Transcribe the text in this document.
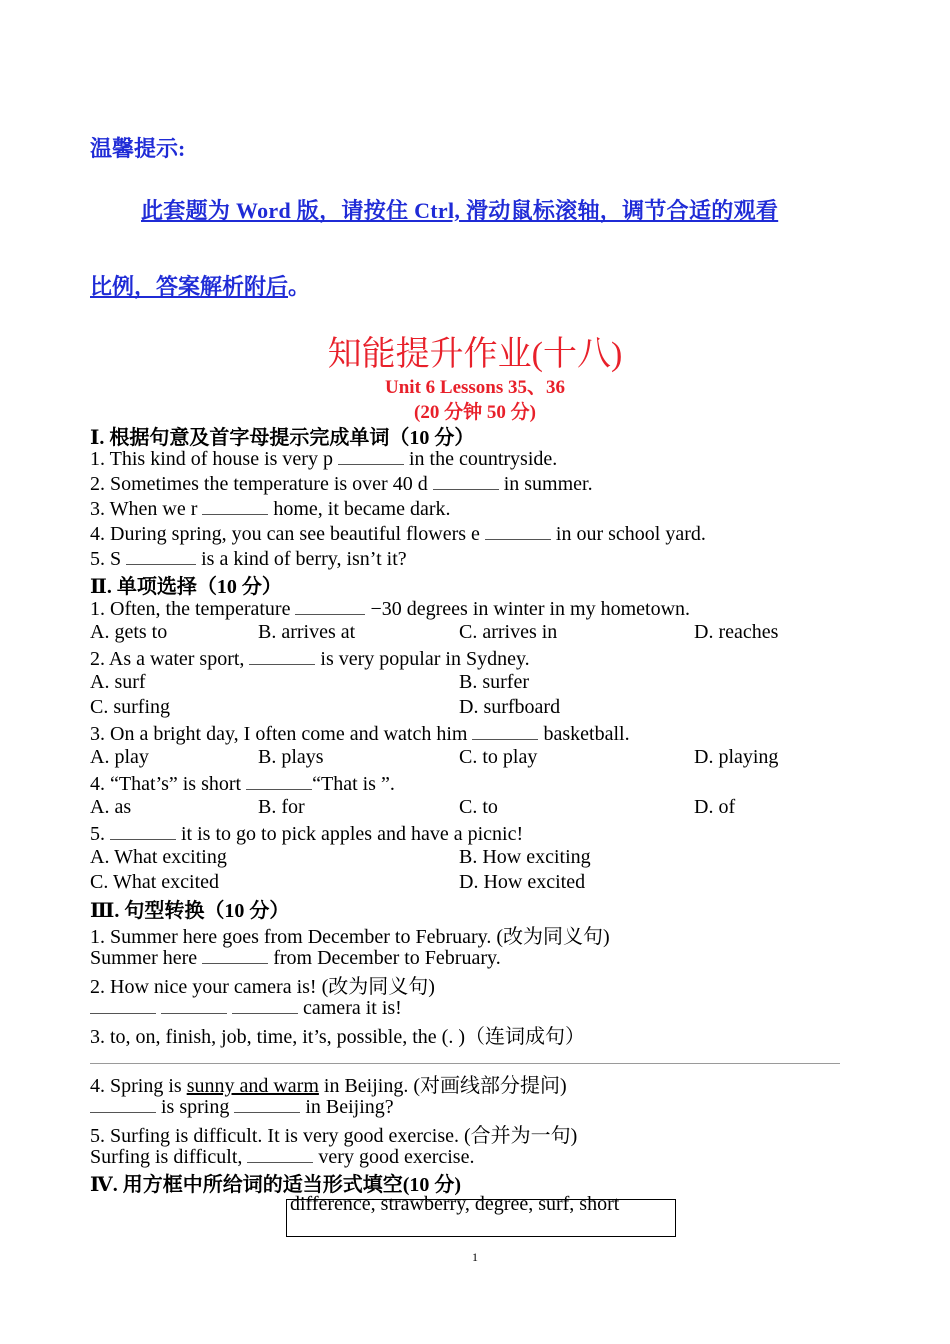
温馨提示:
此套题为 Word 版，请按住 Ctrl, 滑动鼠标滚轴，调节合适的观看
比例，答案解析附后。
知能提升作业(十八)
Unit 6 Lessons 35、36
(20 分钟 50 分)
Ⅰ. 根据句意及首字母提示完成单词（10 分）
1. This kind of house is very p	in the countryside.
2. Sometimes the temperature is over 40 d	in summer.
3. When we r	home, it became dark.
4. During spring, you can see beautiful flowers e	in our school yard.
5. S	is a kind of berry, isn’t it?
Ⅱ. 单项选择（10 分）
1. Often, the temperature	−30 degrees in winter in my hometown.
A. gets to	B. arrives at	C. arrives in	D. reaches
2. As a water sport,	is very popular in Sydney.
A. surf	B. surfer
C. surfing	D. surfboard
3. On a bright day, I often come and watch him	basketball.
A. play	B. plays	C. to play	D. playing
4. “That’s” is short	“That is ”.
A. as	B. for	C. to	D. of
5.	it is to go to pick apples and have a picnic!
A. What exciting	B. How exciting
C. What excited	D. How excited
Ⅲ. 句型转换（10 分）
1. Summer here goes from December to February. (改为同义句)
Summer here	from December to February.
2. How nice your camera is! (改为同义句)
camera it is!
3. to, on, finish, job, time, it’s, possible, the (. )（连词成句）
4. Spring is sunny and warm in Beijing. (对画线部分提问)
is spring	in Beijing?
5. Surfing is difficult. It is very good exercise. (合并为一句)
Surfing is difficult,	very good exercise.
Ⅳ. 用方框中所给词的适当形式填空(10 分)
difference, strawberry, degree, surf, short
1
